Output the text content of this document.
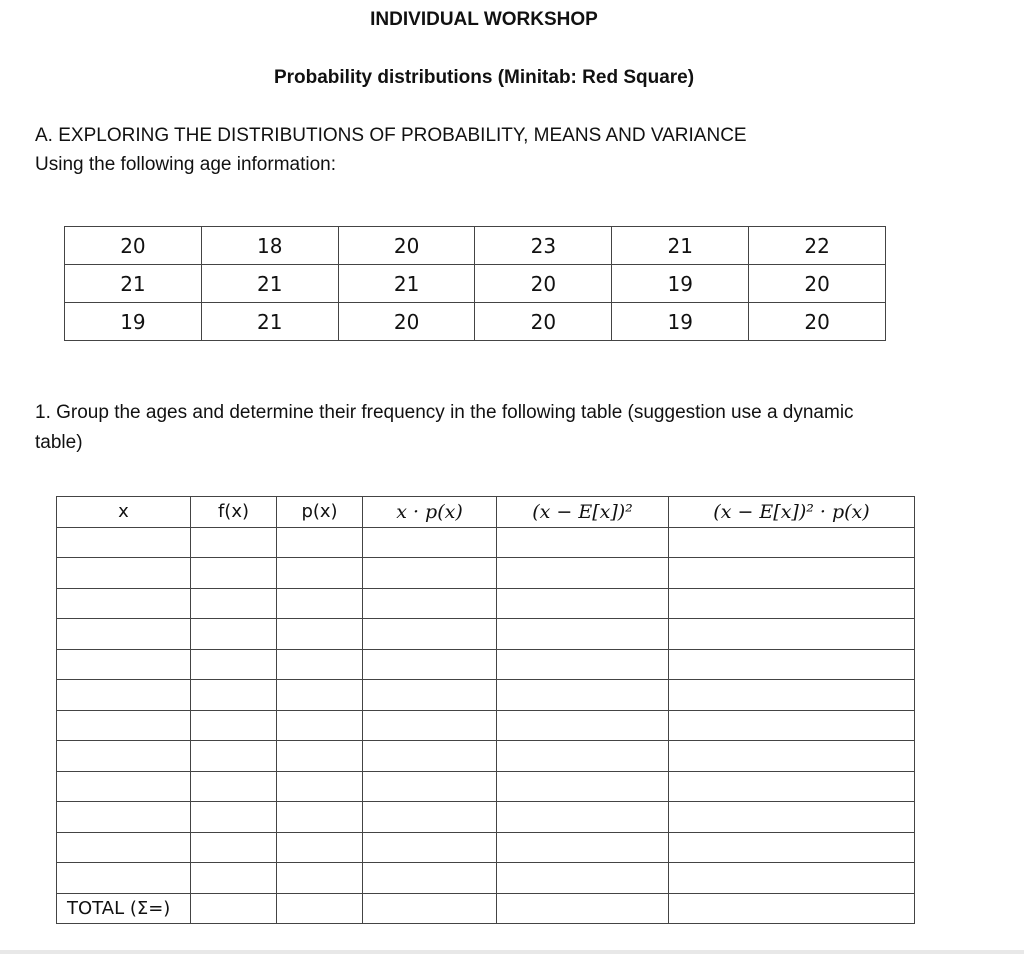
INDIVIDUAL WORKSHOP
Probability distributions (Minitab: Red Square)
A. EXPLORING THE DISTRIBUTIONS OF PROBABILITY, MEANS AND VARIANCE
Using the following age information:
20	18	20	23	21	22
21	21	21	20	19	20
19	21	20	20	19	20
1. Group the ages and determine their frequency in the following table (suggestion use a dynamic table)
x	f(x)	p(x)	x · p(x)	(x − E[x])²	(x − E[x])² · p(x)

TOTAL (Σ=)					
